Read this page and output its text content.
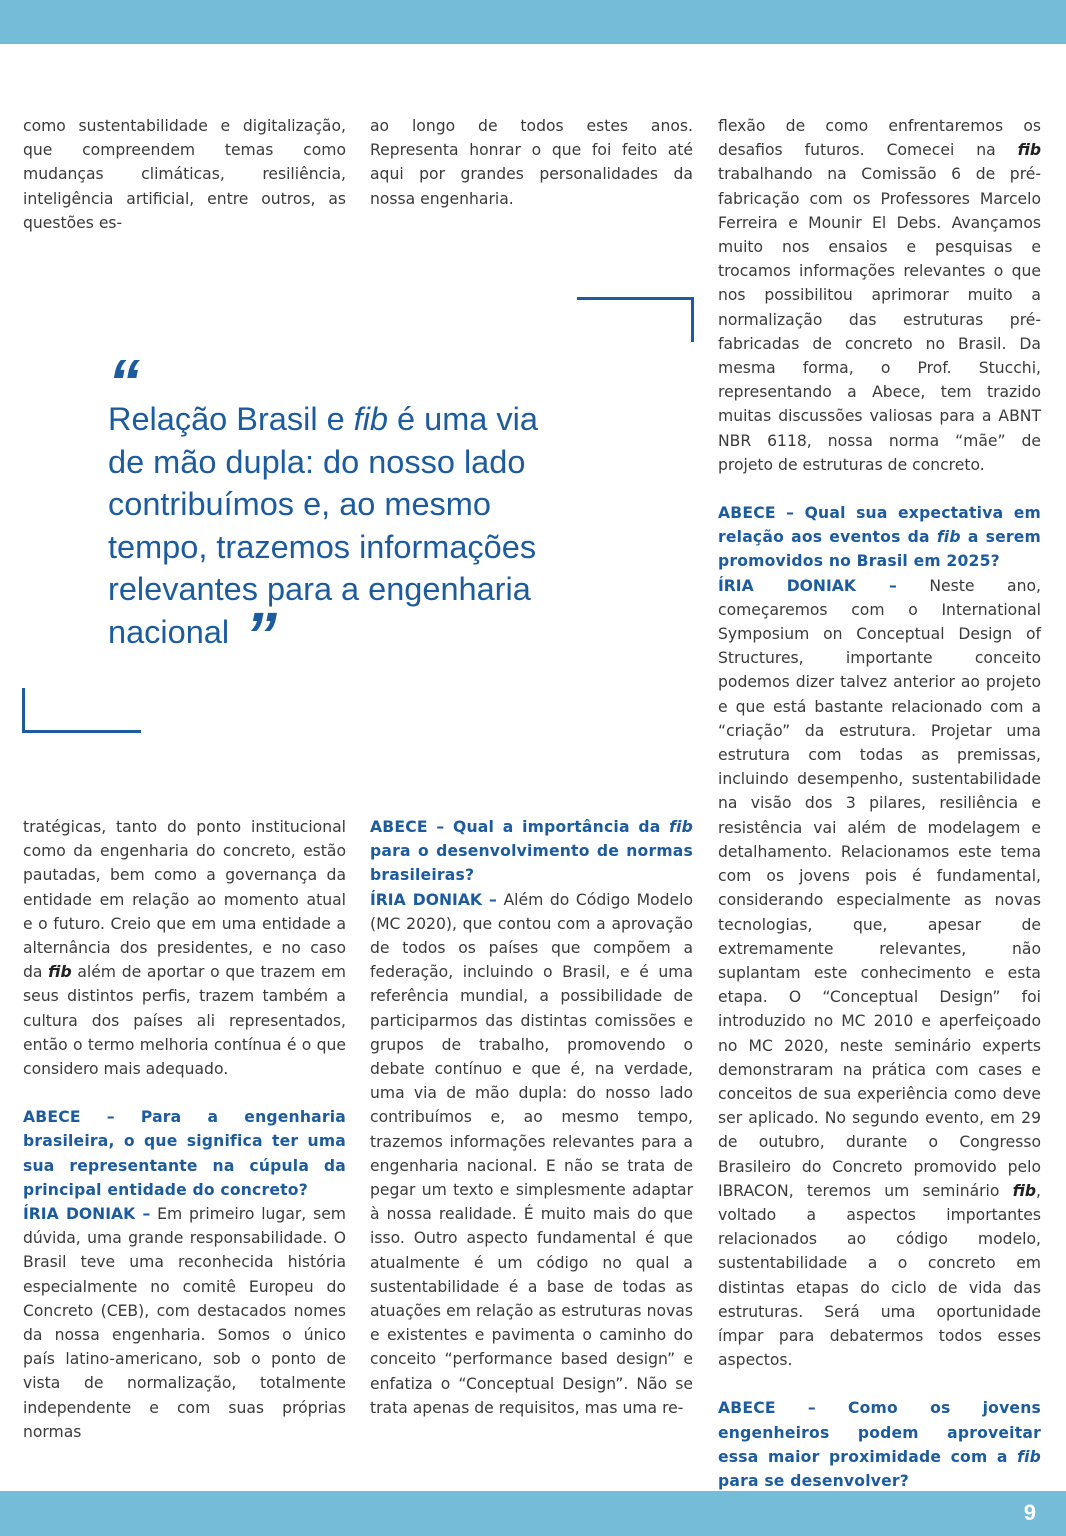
como sustentabilidade e digitalização, que compreendem temas como mudanças climáticas, resiliência, inteligência artificial, entre outros, as questões es-

ao longo de todos estes anos. Representa honrar o que foi feito até aqui por grandes personalidades da nossa engenharia.

“
Relação Brasil e fib é uma via de mão dupla: do nosso lado contribuímos e, ao mesmo tempo, trazemos informações relevantes para a engenharia nacional ”

tratégicas, tanto do ponto institucional como da engenharia do concreto, estão pautadas, bem como a governança da entidade em relação ao momento atual e o futuro. Creio que em uma entidade a alternância dos presidentes, e no caso da fib além de aportar o que trazem em seus distintos perfis, trazem também a cultura dos países ali representados, então o termo melhoria contínua é o que considero mais adequado.

ABECE – Para a engenharia brasileira, o que significa ter uma sua representante na cúpula da principal entidade do concreto?

ÍRIA DONIAK – Em primeiro lugar, sem dúvida, uma grande responsabilidade. O Brasil teve uma reconhecida história especialmente no comitê Europeu do Concreto (CEB), com destacados nomes da nossa engenharia. Somos o único país latino-americano, sob o ponto de vista de normalização, totalmente independente e com suas próprias normas

ABECE – Qual a importância da fib para o desenvolvimento de normas brasileiras?

ÍRIA DONIAK – Além do Código Modelo (MC 2020), que contou com a aprovação de todos os países que compõem a federação, incluindo o Brasil, e é uma referência mundial, a possibilidade de participarmos das distintas comissões e grupos de trabalho, promovendo o debate contínuo e que é, na verdade, uma via de mão dupla: do nosso lado contribuímos e, ao mesmo tempo, trazemos informações relevantes para a engenharia nacional. E não se trata de pegar um texto e simplesmente adaptar à nossa realidade. É muito mais do que isso. Outro aspecto fundamental é que atualmente é um código no qual a sustentabilidade é a base de todas as atuações em relação as estruturas novas e existentes e pavimenta o caminho do conceito “performance based design” e enfatiza o “Conceptual Design”. Não se trata apenas de requisitos, mas uma re-

flexão de como enfrentaremos os desafios futuros. Comecei na fib trabalhando na Comissão 6 de pré-fabricação com os Professores Marcelo Ferreira e Mounir El Debs. Avançamos muito nos ensaios e pesquisas e trocamos informações relevantes o que nos possibilitou aprimorar muito a normalização das estruturas pré-fabricadas de concreto no Brasil. Da mesma forma, o Prof. Stucchi, representando a Abece, tem trazido muitas discussões valiosas para a ABNT NBR 6118, nossa norma “mãe” de projeto de estruturas de concreto.

ABECE – Qual sua expectativa em relação aos eventos da fib a serem promovidos no Brasil em 2025?

ÍRIA DONIAK – Neste ano, começaremos com o International Symposium on Conceptual Design of Structures, importante conceito podemos dizer talvez anterior ao projeto e que está bastante relacionado com a “criação” da estrutura. Projetar uma estrutura com todas as premissas, incluindo desempenho, sustentabilidade na visão dos 3 pilares, resiliência e resistência vai além de modelagem e detalhamento. Relacionamos este tema com os jovens pois é fundamental, considerando especialmente as novas tecnologias, que, apesar de extremamente relevantes, não suplantam este conhecimento e esta etapa. O “Conceptual Design” foi introduzido no MC 2010 e aperfeiçoado no MC 2020, neste seminário experts demonstraram na prática com cases e conceitos de sua experiência como deve ser aplicado. No segundo evento, em 29 de outubro, durante o Congresso Brasileiro do Concreto promovido pelo IBRACON, teremos um seminário fib, voltado a aspectos importantes relacionados ao código modelo, sustentabilidade a o concreto em distintas etapas do ciclo de vida das estruturas. Será uma oportunidade ímpar para debatermos todos esses aspectos.

ABECE – Como os jovens engenheiros podem aproveitar essa maior proximidade com a fib para se desenvolver?

9
